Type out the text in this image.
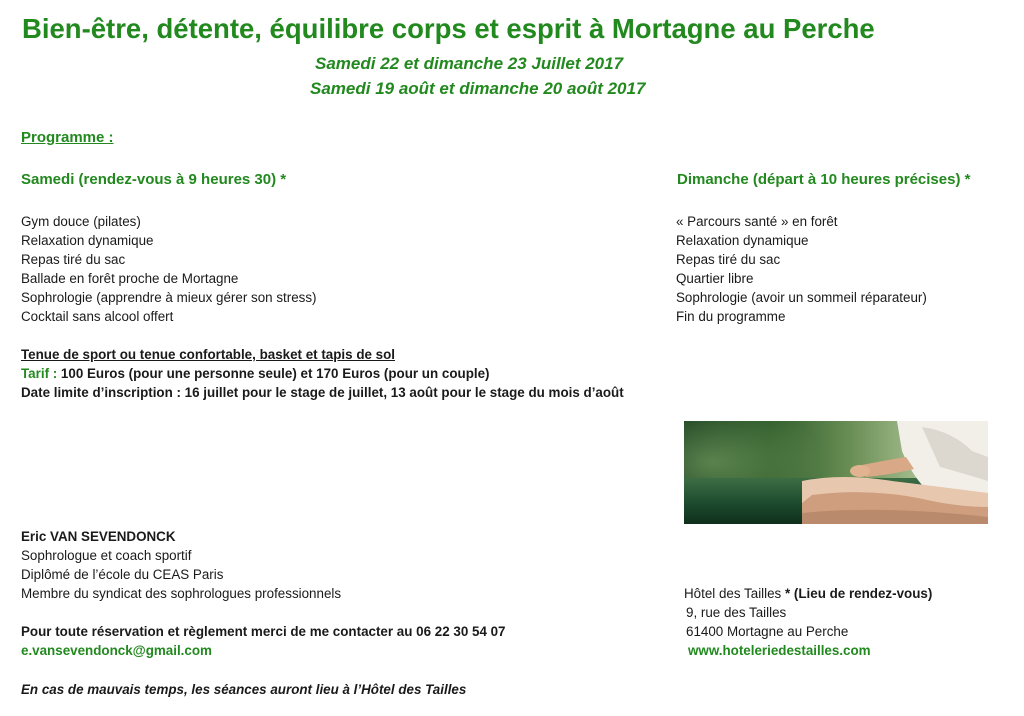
Bien-être, détente, équilibre corps et esprit à Mortagne au Perche
Samedi 22 et dimanche 23 Juillet 2017
Samedi 19 août et dimanche 20 août 2017
Programme :
Samedi (rendez-vous à 9 heures 30) *
Gym douce (pilates)
Relaxation dynamique
Repas tiré du sac
Ballade en forêt proche de Mortagne
Sophrologie (apprendre à mieux gérer son stress)
Cocktail sans alcool offert
Dimanche (départ à 10 heures précises) *
« Parcours santé » en forêt
Relaxation dynamique
Repas tiré du sac
Quartier libre
Sophrologie (avoir un sommeil réparateur)
Fin du programme
Tenue de sport ou tenue confortable, basket et tapis de sol
Tarif : 100 Euros (pour une personne seule) et 170 Euros (pour un couple)
Date limite d’inscription : 16 juillet pour le stage de juillet, 13 août pour le stage du mois d’août
Eric VAN SEVENDONCK
Sophrologue et coach sportif
Diplômé de l’école du CEAS Paris
Membre du syndicat des sophrologues professionnels
Pour toute réservation et règlement merci de me contacter au 06 22 30 54 07
e.vansevendonck@gmail.com
Hôtel des Tailles * (Lieu de rendez-vous)
9, rue des Tailles
61400 Mortagne au Perche
www.hoteleriedestailles.com
En cas de mauvais temps, les séances auront lieu à l’Hôtel des Tailles
